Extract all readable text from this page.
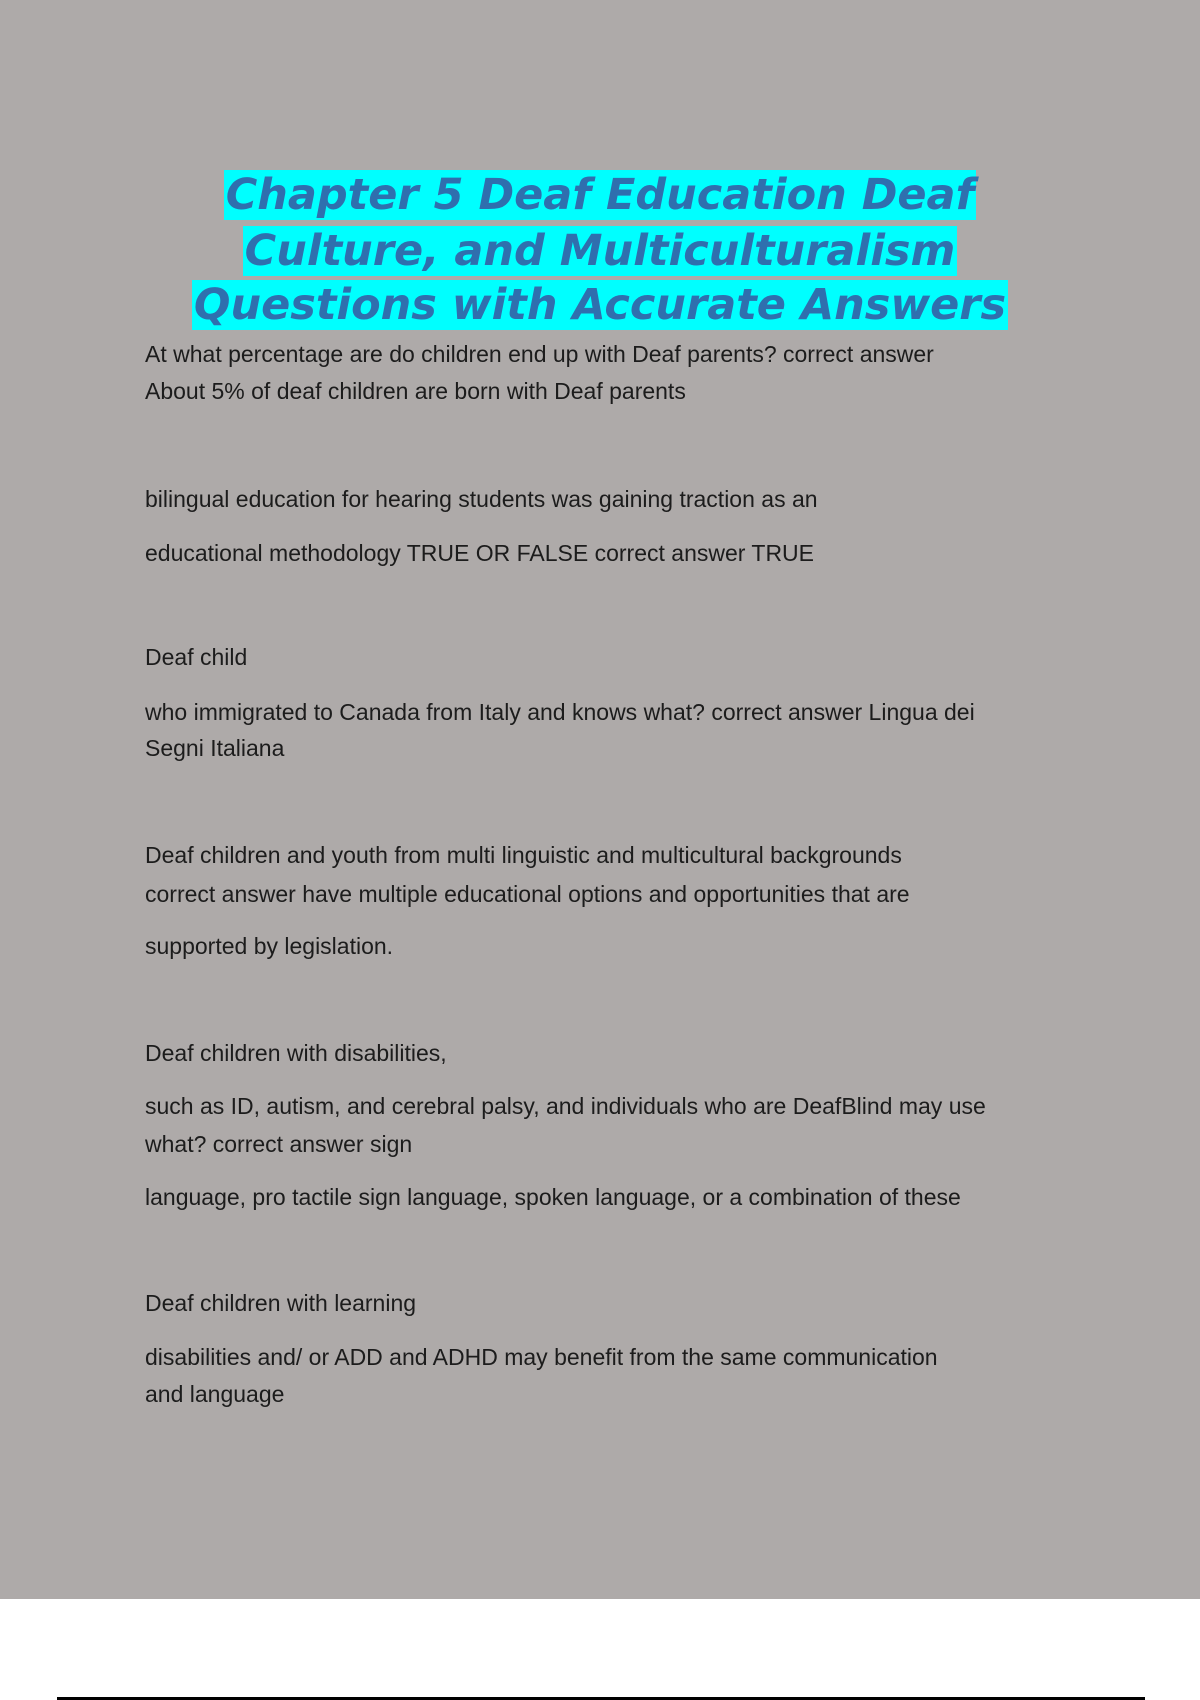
Chapter 5 Deaf Education Deaf
Culture, and Multiculturalism
Questions with Accurate Answers
At what percentage are do children end up with Deaf parents? correct answer
About 5% of deaf children are born with Deaf parents
bilingual education for hearing students was gaining traction as an
educational methodology TRUE OR FALSE correct answer TRUE
Deaf child
who immigrated to Canada from Italy and knows what? correct answer Lingua dei
Segni Italiana
Deaf children and youth from multi linguistic and multicultural backgrounds
correct answer have multiple educational options and opportunities that are
supported by legislation.
Deaf children with disabilities,
such as ID, autism, and cerebral palsy, and individuals who are DeafBlind may use
what? correct answer sign
language, pro tactile sign language, spoken language, or a combination of these
Deaf children with learning
disabilities and/ or ADD and ADHD may benefit from the same communication
and language
